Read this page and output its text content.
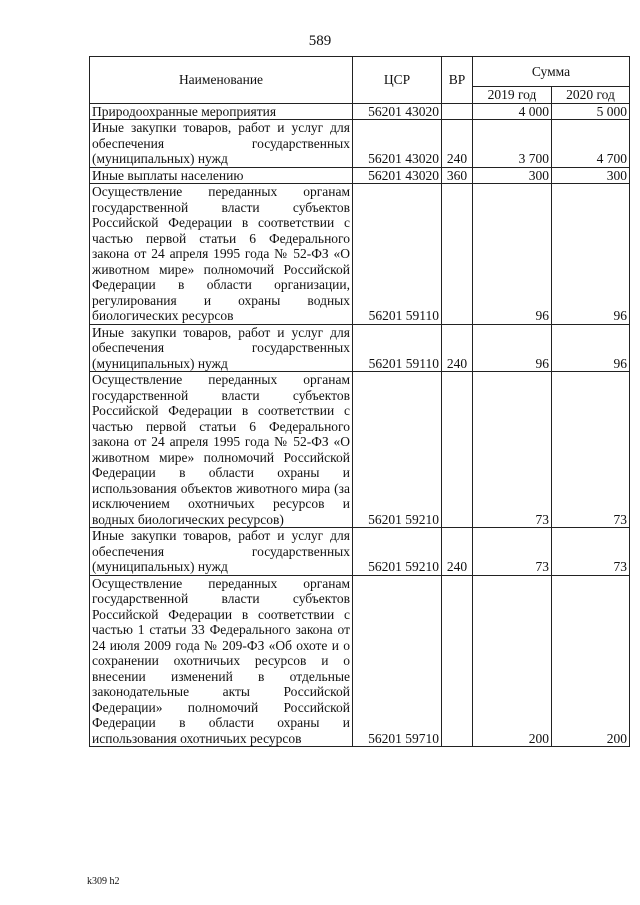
589
Наименование	ЦСР	ВР	Сумма	
			2019 год	2020 год
Природоохранные мероприятия	56201 43020		4 000	5 000
Иные закупки товаров, работ и услуг для обеспечения государственных (муниципальных) нужд	56201 43020	240	3 700	4 700
Иные выплаты населению	56201 43020	360	300	300
Осуществление переданных органам государственной власти субъектов Российской Федерации в соответствии с частью первой статьи 6 Федерального закона от 24 апреля 1995 года № 52-ФЗ «О животном мире» полномочий Российской Федерации в области организации, регулирования и охраны водных биологических ресурсов	56201 59110		96	96
Иные закупки товаров, работ и услуг для обеспечения государственных (муниципальных) нужд	56201 59110	240	96	96
Осуществление переданных органам государственной власти субъектов Российской Федерации в соответствии с частью первой статьи 6 Федерального закона от 24 апреля 1995 года № 52-ФЗ «О животном мире» полномочий Российской Федерации в области охраны и использования объектов животного мира (за исключением охотничьих ресурсов и водных биологических ресурсов)	56201 59210		73	73
Иные закупки товаров, работ и услуг для обеспечения государственных (муниципальных) нужд	56201 59210	240	73	73
Осуществление переданных органам государственной власти субъектов Российской Федерации в соответствии с частью 1 статьи 33 Федерального закона от 24 июля 2009 года № 209-ФЗ «Об охоте и о сохранении охотничьих ресурсов и о внесении изменений в отдельные законодательные акты Российской Федерации» полномочий Российской Федерации в области охраны и использования охотничьих ресурсов	56201 59710		200	200
k309 h2
